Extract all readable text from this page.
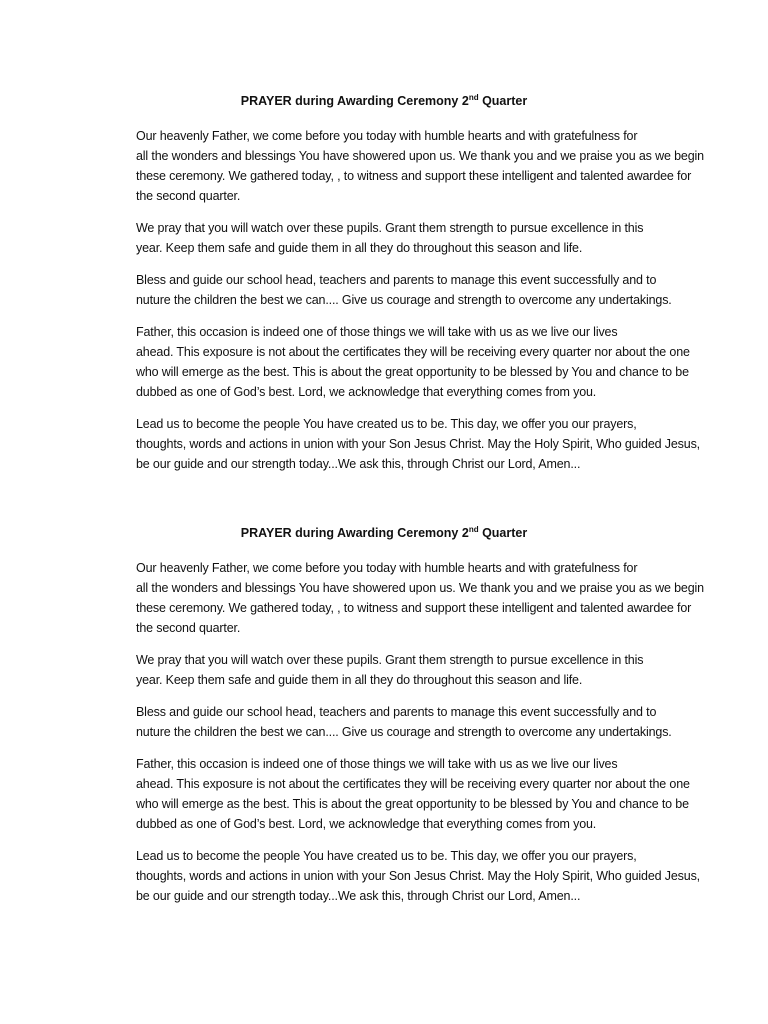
PRAYER during Awarding Ceremony 2nd Quarter

Our heavenly Father, we come before you today with humble hearts and with gratefulness for
all the wonders and blessings You have showered upon us. We thank you and we praise you as we begin
these ceremony. We gathered today, , to witness and support these intelligent and talented awardee for
the second quarter.

We pray that you will watch over these pupils. Grant them strength to pursue excellence in this
year. Keep them safe and guide them in all they do throughout this season and life.

Bless and guide our school head, teachers and parents to manage this event successfully and to
nuture the children the best we can.... Give us courage and strength to overcome any undertakings.

Father, this occasion is indeed one of those things we will take with us as we live our lives
ahead. This exposure is not about the certificates they will be receiving every quarter nor about the one
who will emerge as the best. This is about the great opportunity to be blessed by You and chance to be
dubbed as one of God’s best. Lord, we acknowledge that everything comes from you.

Lead us to become the people You have created us to be. This day, we offer you our prayers,
thoughts, words and actions in union with your Son Jesus Christ. May the Holy Spirit, Who guided Jesus,
be our guide and our strength today...We ask this, through Christ our Lord, Amen...

PRAYER during Awarding Ceremony 2nd Quarter

Our heavenly Father, we come before you today with humble hearts and with gratefulness for
all the wonders and blessings You have showered upon us. We thank you and we praise you as we begin
these ceremony. We gathered today, , to witness and support these intelligent and talented awardee for
the second quarter.

We pray that you will watch over these pupils. Grant them strength to pursue excellence in this
year. Keep them safe and guide them in all they do throughout this season and life.

Bless and guide our school head, teachers and parents to manage this event successfully and to
nuture the children the best we can.... Give us courage and strength to overcome any undertakings.

Father, this occasion is indeed one of those things we will take with us as we live our lives
ahead. This exposure is not about the certificates they will be receiving every quarter nor about the one
who will emerge as the best. This is about the great opportunity to be blessed by You and chance to be
dubbed as one of God’s best. Lord, we acknowledge that everything comes from you.

Lead us to become the people You have created us to be. This day, we offer you our prayers,
thoughts, words and actions in union with your Son Jesus Christ. May the Holy Spirit, Who guided Jesus,
be our guide and our strength today...We ask this, through Christ our Lord, Amen...
